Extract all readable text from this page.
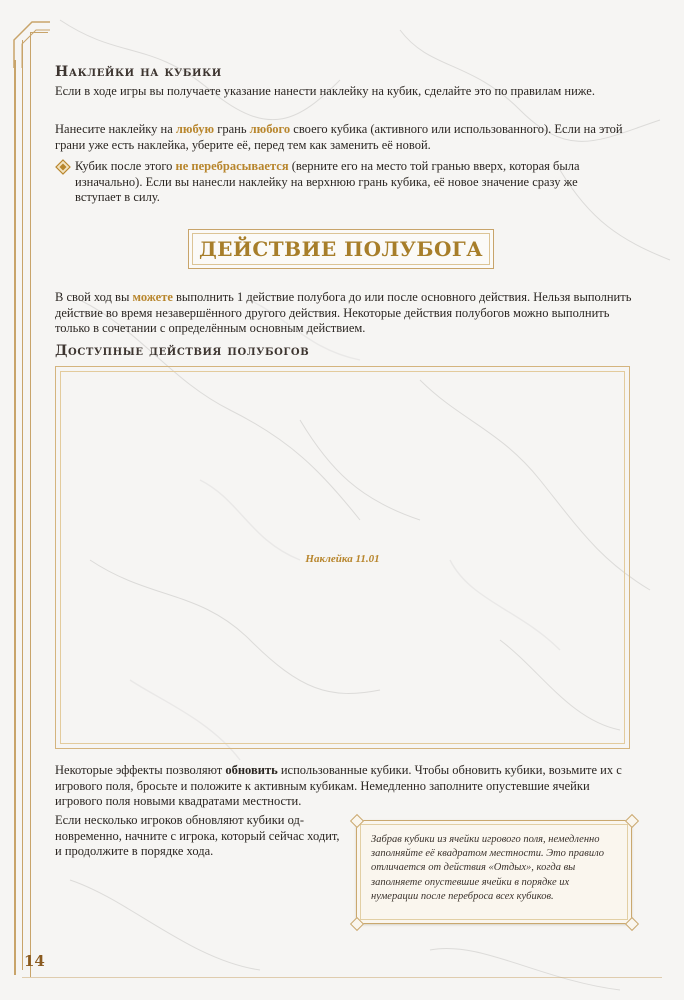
Наклейки на кубики

Если в ходе игры вы получаете указание нанести наклейку на кубик, сделайте это по правилам ниже.

Нанесите наклейку на любую грань любого своего кубика (активного или использованного). Если на этой грани уже есть наклейка, уберите её, перед тем как заменить её новой.

Кубик после этого не перебрасывается (верните его на место той гранью вверх, которая была изначально). Если вы нанесли наклейку на верхнюю грань кубика, её новое значение сразу же вступает в силу.

ДЕЙСТВИЕ ПОЛУБОГА

В свой ход вы можете выполнить 1 действие полубога до или после основного действия. Нельзя выполнить действие во время незавершённого другого действия. Некоторые действия полубогов можно выполнить только в сочетании с определённым основным действием.

Доступные действия полубогов
Наклейка 11.01

Некоторые эффекты позволяют обновить использованные кубики. Чтобы обновить кубики, возьмите их с игрового поля, бросьте и положите к активным кубикам. Немедленно заполните опустевшие ячейки игрового поля новыми квадратами местности.

Если несколько игроков обновляют кубики одновременно, начните с игрока, который сейчас ходит, и продолжите в порядке хода.

Забрав кубики из ячейки игрового поля, немедленно заполняйте её квадратом местности. Это правило отличается от действия «Отдых», когда вы заполняете опустевшие ячейки в порядке их нумерации после переброса всех кубиков.

14
